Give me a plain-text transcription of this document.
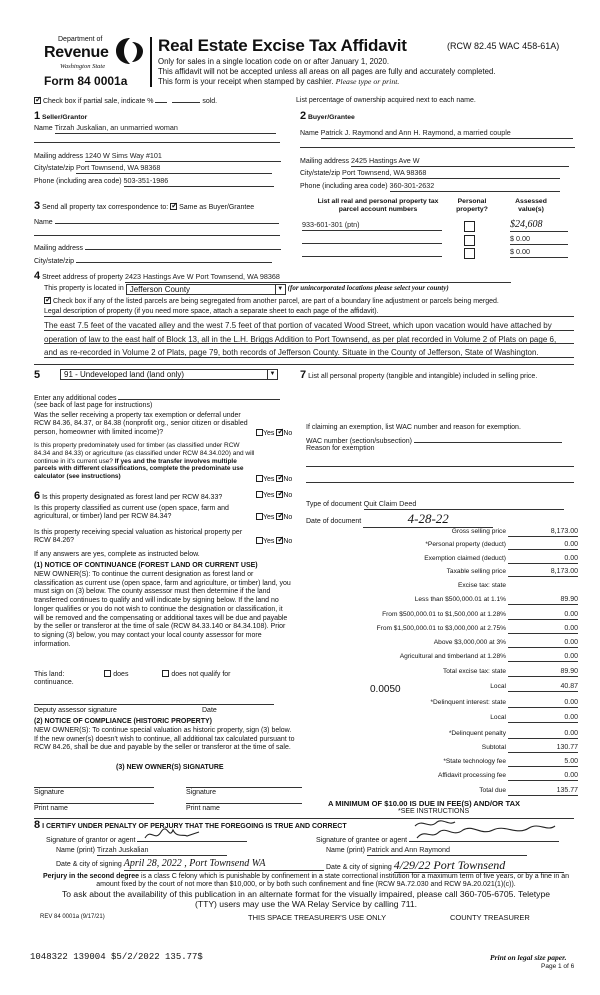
Department of
Revenue
Washington State
Form 84 0001a
Real Estate Excise Tax Affidavit	(RCW 82.45 WAC 458-61A)
Only for sales in a single location code on or after January 1, 2020.
This affidavit will not be accepted unless all areas on all pages are fully and accurately completed.
This form is your receipt when stamped by cashier. Please type or print.
✓ Check box if partial sale, indicate %	sold.	List percentage of ownership acquired next to each name.
1 Seller/Grantor
Name Tirzah Juskalian, an unmarried woman
Mailing address 1240 W Sims Way #101
City/state/zip Port Townsend, WA 98368
Phone (including area code) 503-351-1986
2 Buyer/Grantee
Name Patrick J. Raymond and Ann H. Raymond, a married couple
Mailing address 2425 Hastings Ave W
City/state/zip Port Townsend, WA 98368
Phone (including area code) 360-301-2632
3 Send all property tax correspondence to: ✓ Same as Buyer/Grantee
Name
Mailing address
City/state/zip
List all real and personal property tax parcel account numbers
Personal property?
Assessed value(s)
933-601-301 (ptn)	$24,608
$ 0.00
$ 0.00
4 Street address of property 2423 Hastings Ave W Port Townsend, WA 98368
This property is located in Jefferson County	▼ (for unincorporated locations please select your county)
✓ Check box if any of the listed parcels are being segregated from another parcel, are part of a boundary line adjustment or parcels being merged.
Legal description of property (if you need more space, attach a separate sheet to each page of the affidavit).
The east 7.5 feet of the vacated alley and the west 7.5 feet of that portion of vacated Wood Street, which upon vacation would have attached by operation of law to the east half of Block 13, all in the L.H. Briggs Addition to Port Townsend, as per plat recorded in Volume 2 of Plats on page 6, and as re-recorded in Volume 2 of Plats, page 79, both records of Jefferson County. Situate in the County of Jefferson, State of Washington.
5	91 - Undeveloped land (land only)	▼
Enter any additional codes
(see back of last page for instructions)
Was the seller receiving a property tax exemption or deferral under RCW 84.36, 84.37, or 84.38 (nonprofit org., senior citizen or disabled person, homeowner with limited income)?	Yes ✓ No
Is this property predominately used for timber (as classified under RCW 84.34 and 84.33) or agriculture (as classified under RCW 84.34.020) and will continue in it's current use? If yes and the transfer involves multiple parcels with different classifications, complete the predominate use calculator (see instructions)	Yes ✓ No
6 Is this property designated as forest land per RCW 84.33?	Yes ✓ No
Is this property classified as current use (open space, farm and agricultural, or timber) land per RCW 84.34?	Yes ✓ No
Is this property receiving special valuation as historical property per RCW 84.26?	Yes ✓ No
If any answers are yes, complete as instructed below.
(1) NOTICE OF CONTINUANCE (FOREST LAND OR CURRENT USE)
NEW OWNER(S): To continue the current designation as forest land or classification as current use (open space, farm and agriculture, or timber) land, you must sign on (3) below. The county assessor must then determine if the land transferred continues to qualify and will indicate by signing below. If the land no longer qualifies or you do not wish to continue the designation or classification, it will be removed and the compensating or additional taxes will be due and payable by the seller or transferor at the time of sale (RCW 84.33.140 or 84.34.108). Prior to signing (3) below, you may contact your local county assessor for more information.
This land:	does	does not qualify for
continuance.
Deputy assessor signature	Date
(2) NOTICE OF COMPLIANCE (HISTORIC PROPERTY)
NEW OWNER(S): To continue special valuation as historic property, sign (3) below. If the new owner(s) doesn't wish to continue, all additional tax calculated pursuant to RCW 84.26, shall be due and payable by the seller or transferor at the time of sale.
(3) NEW OWNER(S) SIGNATURE
Signature	Signature
Print name	Print name
7 List all personal property (tangible and intangible) included in selling price.
If claiming an exemption, list WAC number and reason for exemption.
WAC number (section/subsection)
Reason for exemption
Type of document Quit Claim Deed
Date of document	4-28-22
Gross selling price	8,173.00
*Personal property (deduct)	0.00
Exemption claimed (deduct)	0.00
Taxable selling price	8,173.00
Excise tax: state
Less than $500,000.01 at 1.1%	89.90
From $500,000.01 to $1,500,000 at 1.28%	0.00
From $1,500,000.01 to $3,000,000 at 2.75%	0.00
Above $3,000,000 at 3%	0.00
Agricultural and timberland at 1.28%	0.00
Total excise tax: state	89.90
0.0050	Local	40.87
*Delinquent interest: state	0.00
Local	0.00
*Delinquent penalty	0.00
Subtotal	130.77
*State technology fee	5.00
Affidavit processing fee	0.00
Total due	135.77
A MINIMUM OF $10.00 IS DUE IN FEE(S) AND/OR TAX
*SEE INSTRUCTIONS
8 I CERTIFY UNDER PENALTY OF PERJURY THAT THE FOREGOING IS TRUE AND CORRECT
Signature of grantor or agent
Name (print) Tirzah Juskalian
Date & city of signing April 28, 2022 , Port Townsend WA
Signature of grantee or agent
Name (print) Patrick and Ann Raymond
Date & city of signing 4/29/22 Port Townsend
Perjury in the second degree is a class C felony which is punishable by confinement in a state correctional institution for a maximum term of five years, or by a fine in an amount fixed by the court of not more than $10,000, or by both such confinement and fine (RCW 9A.72.030 and RCW 9A.20.021(1)(c)).
To ask about the availability of this publication in an alternate format for the visually impaired, please call 360-705-6705. Teletype (TTY) users may use the WA Relay Service by calling 711.
REV 84 0001a (9/17/21)	THIS SPACE TREASURER'S USE ONLY	COUNTY TREASURER
1048322 139004 $5/2/2022 135.77$	Print on legal size paper.
Page 1 of 6
